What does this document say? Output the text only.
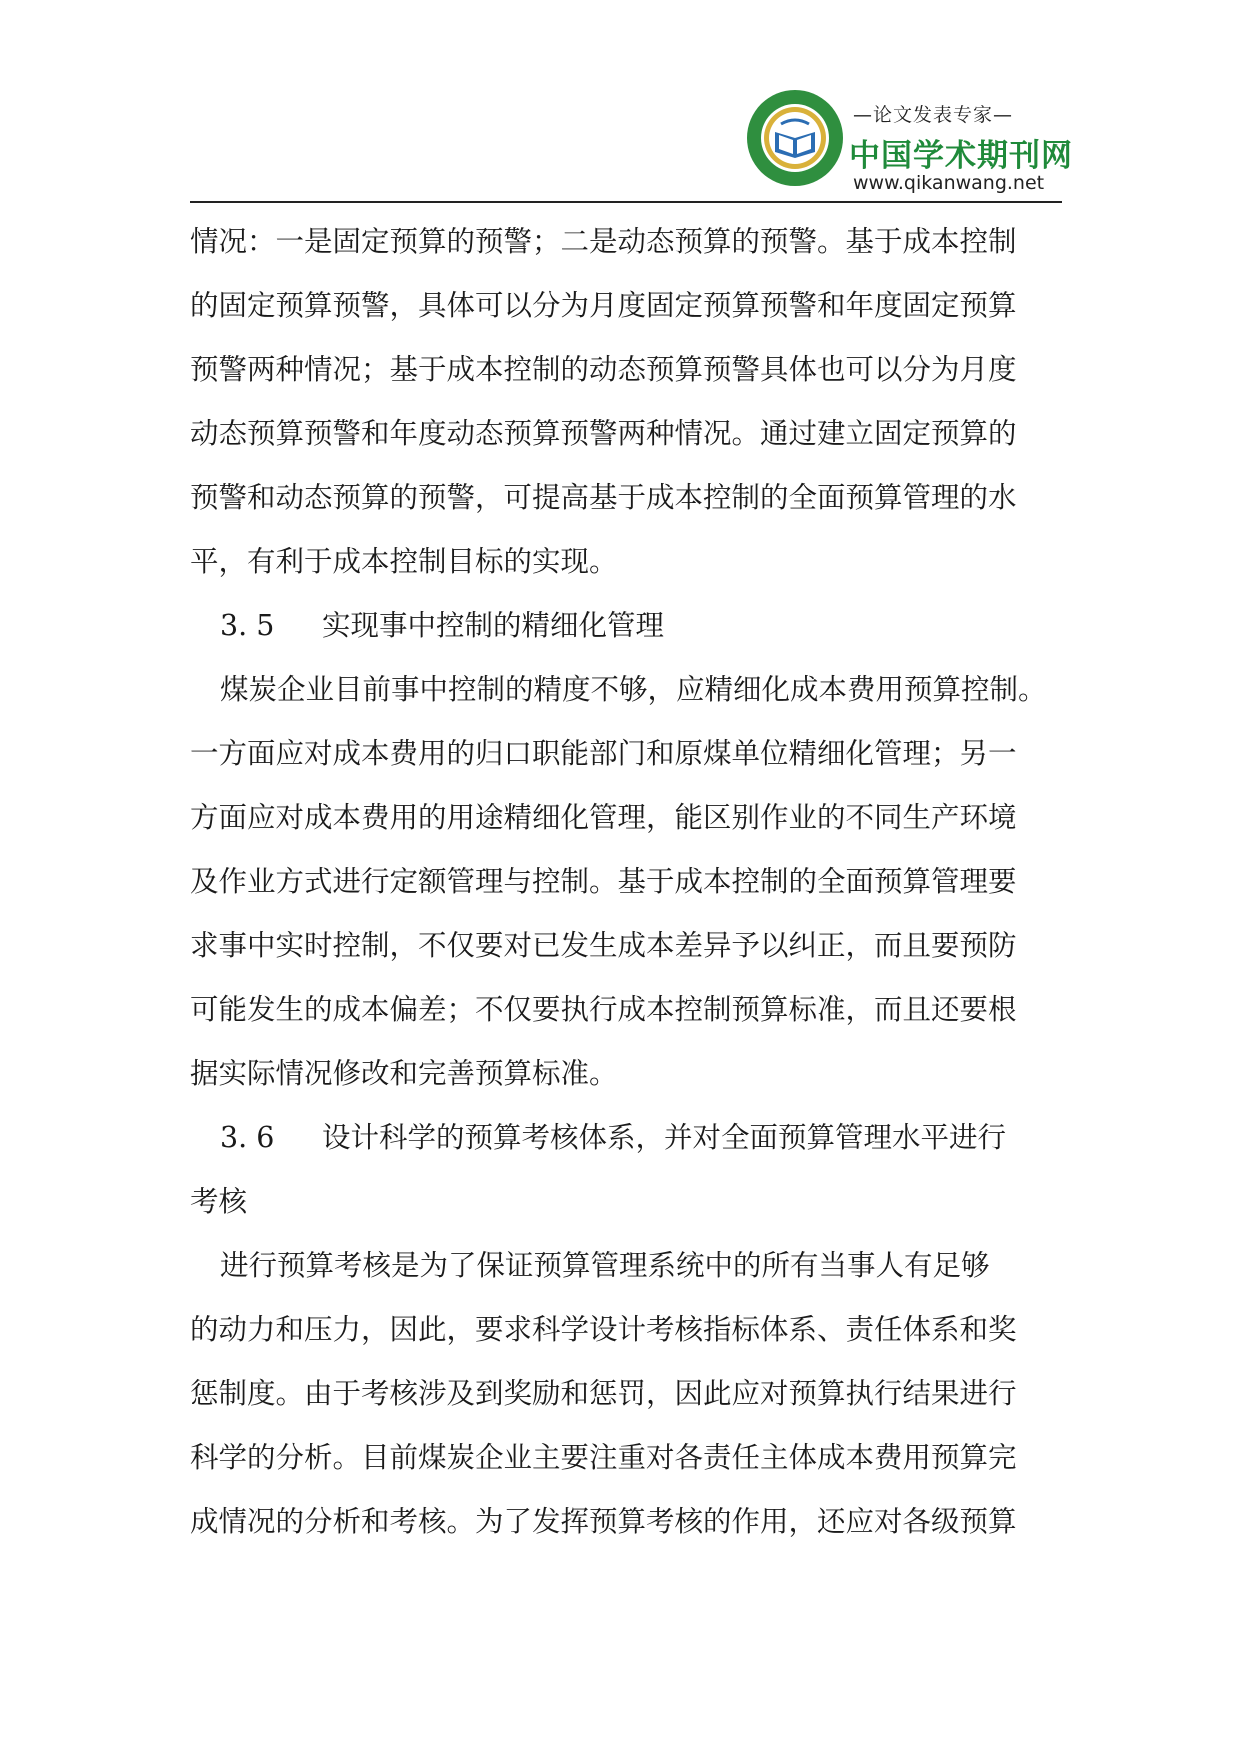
—论文发表专家—
中国学术期刊网
www.qikanwang.net
情况：一是固定预算的预警；二是动态预算的预警。基于成本控制
的固定预算预警，具体可以分为月度固定预算预警和年度固定预算
预警两种情况；基于成本控制的动态预算预警具体也可以分为月度
动态预算预警和年度动态预算预警两种情况。通过建立固定预算的
预警和动态预算的预警，可提高基于成本控制的全面预算管理的水
平，有利于成本控制目标的实现。
3. 5 实现事中控制的精细化管理
煤炭企业目前事中控制的精度不够，应精细化成本费用预算控制。
一方面应对成本费用的归口职能部门和原煤单位精细化管理；另一
方面应对成本费用的用途精细化管理，能区别作业的不同生产环境
及作业方式进行定额管理与控制。基于成本控制的全面预算管理要
求事中实时控制，不仅要对已发生成本差异予以纠正，而且要预防
可能发生的成本偏差；不仅要执行成本控制预算标准，而且还要根
据实际情况修改和完善预算标准。
3. 6 设计科学的预算考核体系，并对全面预算管理水平进行
考核
进行预算考核是为了保证预算管理系统中的所有当事人有足够
的动力和压力，因此，要求科学设计考核指标体系、责任体系和奖
惩制度。由于考核涉及到奖励和惩罚，因此应对预算执行结果进行
科学的分析。目前煤炭企业主要注重对各责任主体成本费用预算完
成情况的分析和考核。为了发挥预算考核的作用，还应对各级预算
